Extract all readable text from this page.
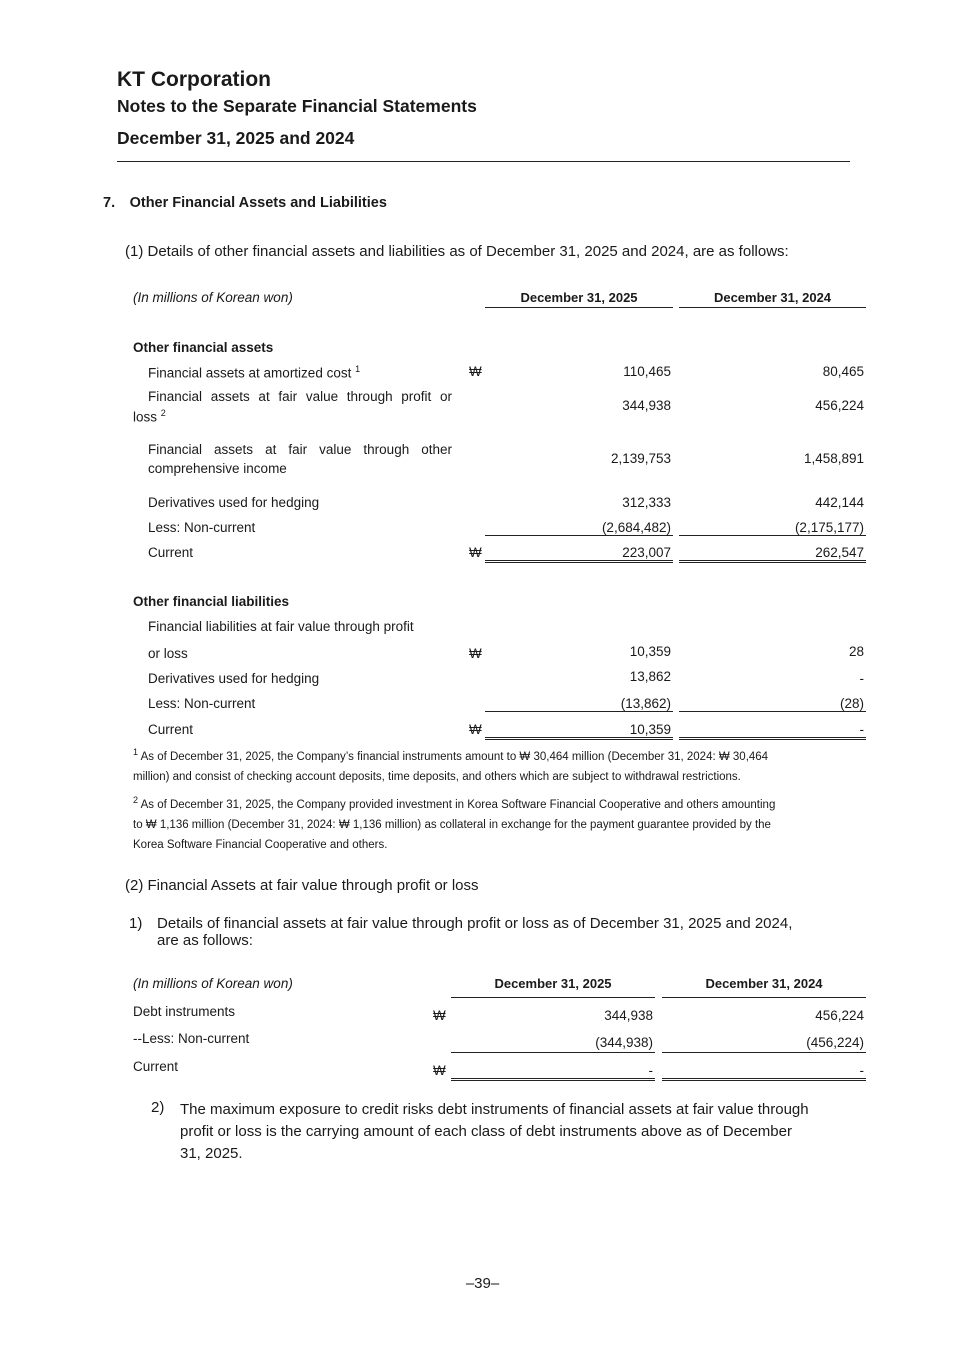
KT Corporation
Notes to the Separate Financial Statements
December 31, 2025 and 2024
7. Other Financial Assets and Liabilities
(1) Details of other financial assets and liabilities as of December 31, 2025 and 2024, are as follows:
(In millions of Korean won)	December 31, 2025	December 31, 2024
Other financial assets
Financial assets at amortized cost $^1$	₩	110,465	80,465
Financial assets at fair value through profit or
loss $^2$	344,938	456,224
Financial assets at fair value through other
comprehensive income
2,139,753	1,458,891
Derivatives used for hedging	312,333	442,144
Less: Non-current	(2,684,482)	(2,175,177)
Current	₩	223,007	262,547
Other financial liabilities
Financial liabilities at fair value through profit
or loss	₩	10,359	28
Derivatives used for hedging	13,862	-
Less: Non-current	(13,862)	(28)
Current	₩	10,359	-
$^1$ As of December 31, 2025, the Company’s financial instruments amount to ₩ 30,464 million (December 31, 2024: ₩ 30,464
million) and consist of checking account deposits, time deposits, and others which are subject to withdrawal restrictions.
$^2$ As of December 31, 2025, the Company provided investment in Korea Software Financial Cooperative and others amounting
to ₩ 1,136 million (December 31, 2024: ₩ 1,136 million) as collateral in exchange for the payment guarantee provided by the
Korea Software Financial Cooperative and others.
(2) Financial Assets at fair value through profit or loss
1) Details of financial assets at fair value through profit or loss as of December 31, 2025 and 2024,
are as follows:
(In millions of Korean won)	December 31, 2025	December 31, 2024
Debt instruments	₩	344,938	456,224
--Less: Non-current	(344,938)	(456,224)
Current	₩	-	-
2) The maximum exposure to credit risks debt instruments of financial assets at fair value through
profit or loss is the carrying amount of each class of debt instruments above as of December
31, 2025.
–39–
